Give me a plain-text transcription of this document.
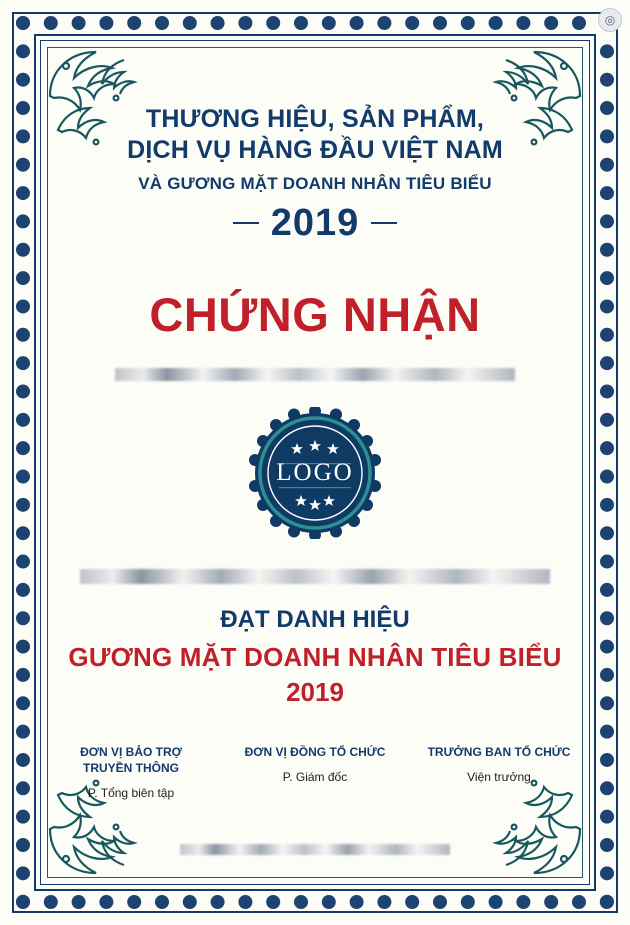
THƯƠNG HIỆU, SẢN PHẨM,
DỊCH VỤ HÀNG ĐẦU VIỆT NAM
VÀ GƯƠNG MẶT DOANH NHÂN TIÊU BIỂU
2019
CHỨNG NHẬN
LOGO
ĐẠT DANH HIỆU
GƯƠNG MẶT DOANH NHÂN TIÊU BIỂU
2019
ĐƠN VỊ BẢO TRỢ
TRUYỀN THÔNG
P. Tổng biên tập
ĐƠN VỊ ĐỒNG TỔ CHỨC
P. Giám đốc
TRƯỞNG BAN TỔ CHỨC
Viện trưởng
◎
